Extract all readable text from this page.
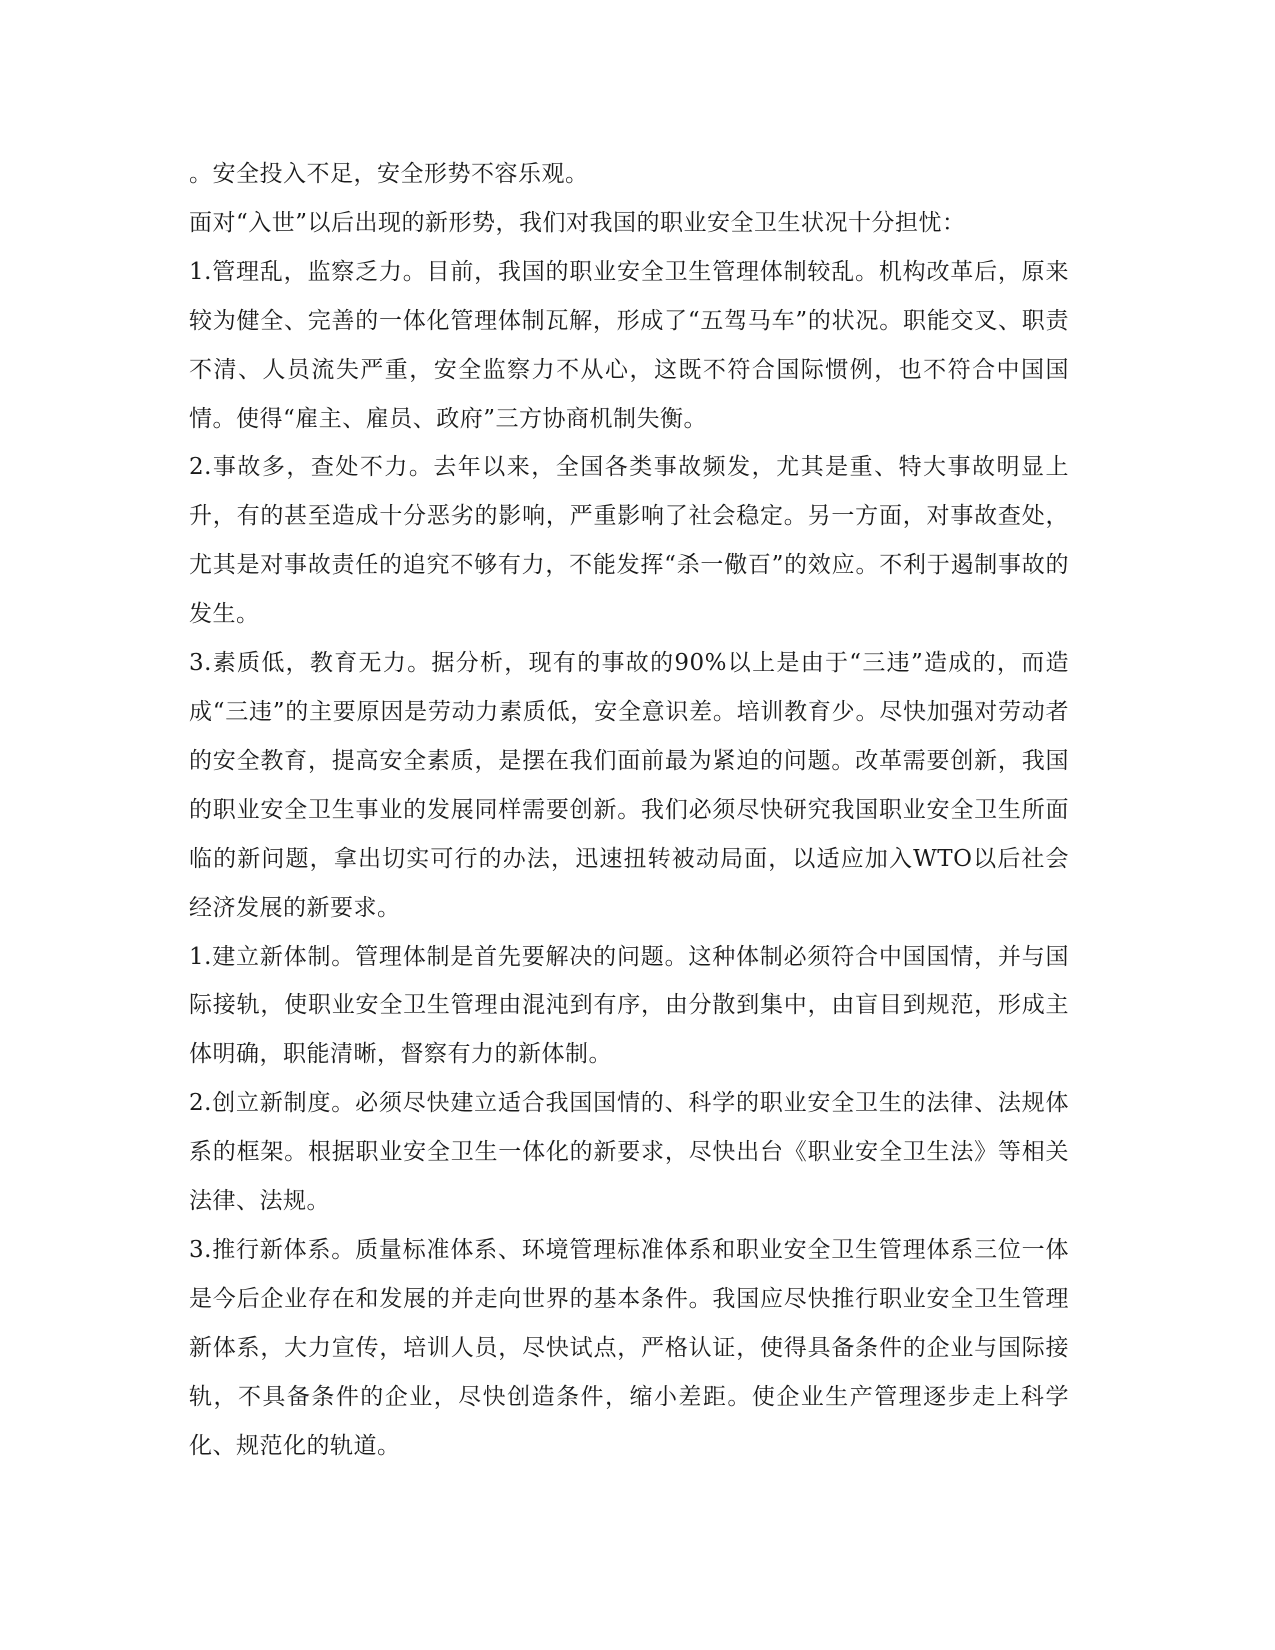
。安全投入不足，安全形势不容乐观。

面对“入世”以后出现的新形势，我们对我国的职业安全卫生状况十分担忧：

1.管理乱，监察乏力。目前，我国的职业安全卫生管理体制较乱。机构改革后，原来较为健全、完善的一体化管理体制瓦解，形成了“五驾马车”的状况。职能交叉、职责不清、人员流失严重，安全监察力不从心，这既不符合国际惯例，也不符合中国国情。使得“雇主、雇员、政府”三方协商机制失衡。

2.事故多，查处不力。去年以来，全国各类事故频发，尤其是重、特大事故明显上升，有的甚至造成十分恶劣的影响，严重影响了社会稳定。另一方面，对事故查处，尤其是对事故责任的追究不够有力，不能发挥“杀一儆百”的效应。不利于遏制事故的发生。

3.素质低，教育无力。据分析，现有的事故的90%以上是由于“三违”造成的，而造成“三违”的主要原因是劳动力素质低，安全意识差。培训教育少。尽快加强对劳动者的安全教育，提高安全素质，是摆在我们面前最为紧迫的问题。改革需要创新，我国的职业安全卫生事业的发展同样需要创新。我们必须尽快研究我国职业安全卫生所面临的新问题，拿出切实可行的办法，迅速扭转被动局面，以适应加入WTO以后社会经济发展的新要求。

1.建立新体制。管理体制是首先要解决的问题。这种体制必须符合中国国情，并与国际接轨，使职业安全卫生管理由混沌到有序，由分散到集中，由盲目到规范，形成主体明确，职能清晰，督察有力的新体制。

2.创立新制度。必须尽快建立适合我国国情的、科学的职业安全卫生的法律、法规体系的框架。根据职业安全卫生一体化的新要求，尽快出台《职业安全卫生法》等相关法律、法规。

3.推行新体系。质量标准体系、环境管理标准体系和职业安全卫生管理体系三位一体是今后企业存在和发展的并走向世界的基本条件。我国应尽快推行职业安全卫生管理新体系，大力宣传，培训人员，尽快试点，严格认证，使得具备条件的企业与国际接轨，不具备条件的企业，尽快创造条件，缩小差距。使企业生产管理逐步走上科学化、规范化的轨道。
